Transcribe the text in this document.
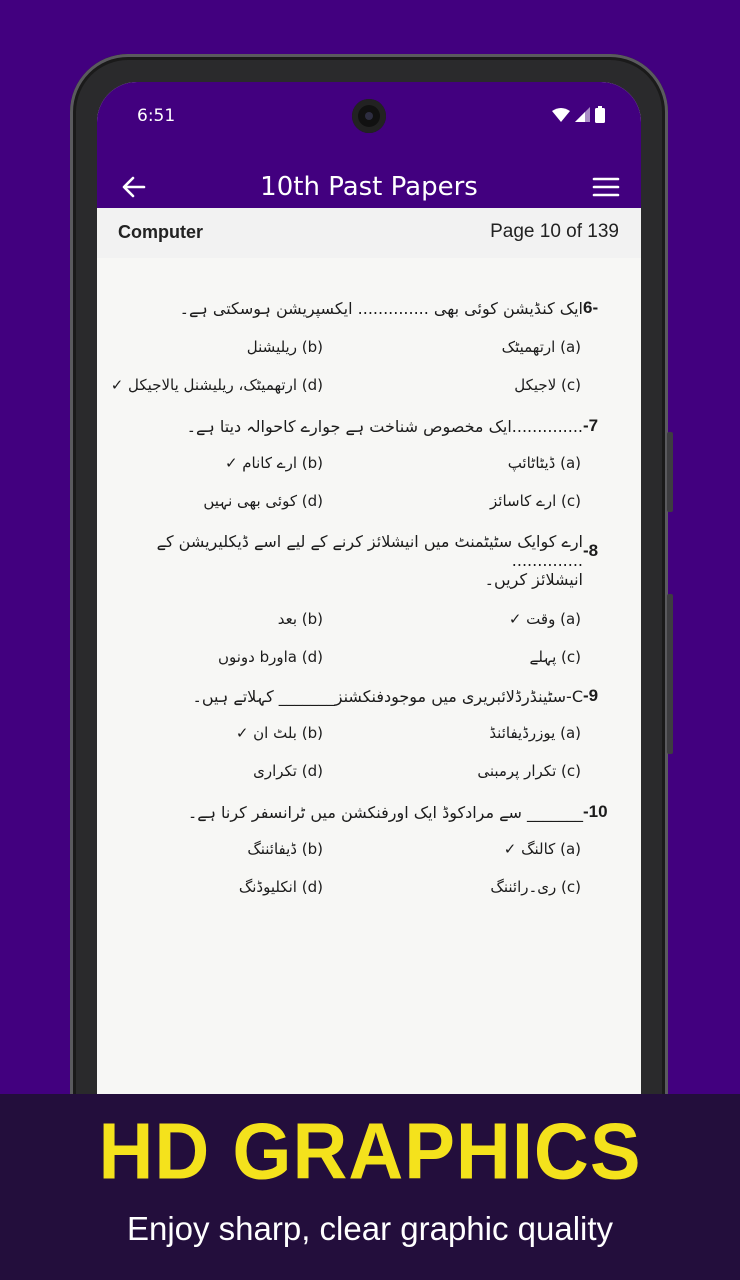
6:51
10th Past Papers
Computer	Page 10 of 139
6-
ایک کنڈیشن کوئی بھی .............. ایکسپریشن ہوسکتی ہے۔
(a) ارتھمیٹک
(b) ریلیشنل
(c) لاجیکل
(d) ارتھمیٹک، ریلیشنل یالاجیکل ✓
-7
..............ایک مخصوص شناخت ہے جوارے کاحوالہ دیتا ہے۔
(a) ڈیٹاٹائپ
(b) ارے کانام ✓
(c) ارے کاسائز
(d) کوئی بھی نہیں
-8
ارے کوایک سٹیٹمنٹ میں انیشلائز کرنے کے لیے اسے ڈیکلیریشن کے ..............
انیشلائز کریں۔
(a) وقت ✓
(b) بعد
(c) پہلے
(d) aاورb دونوں
-9
C-سٹینڈرڈلائبریری میں موجودفنکشنز_______ کہلاتے ہیں۔
(a) یوزرڈیفائنڈ
(b) بلٹ ان ✓
(c) تکرار پرمبنی
(d) تکراری
-10
_______ سے مرادکوڈ ایک اورفنکشن میں ٹرانسفر کرنا ہے۔
(a) کالنگ ✓
(b) ڈیفائننگ
(c) ری۔رائننگ
(d) انکلیوڈنگ
HD GRAPHICS
Enjoy sharp, clear graphic quality
